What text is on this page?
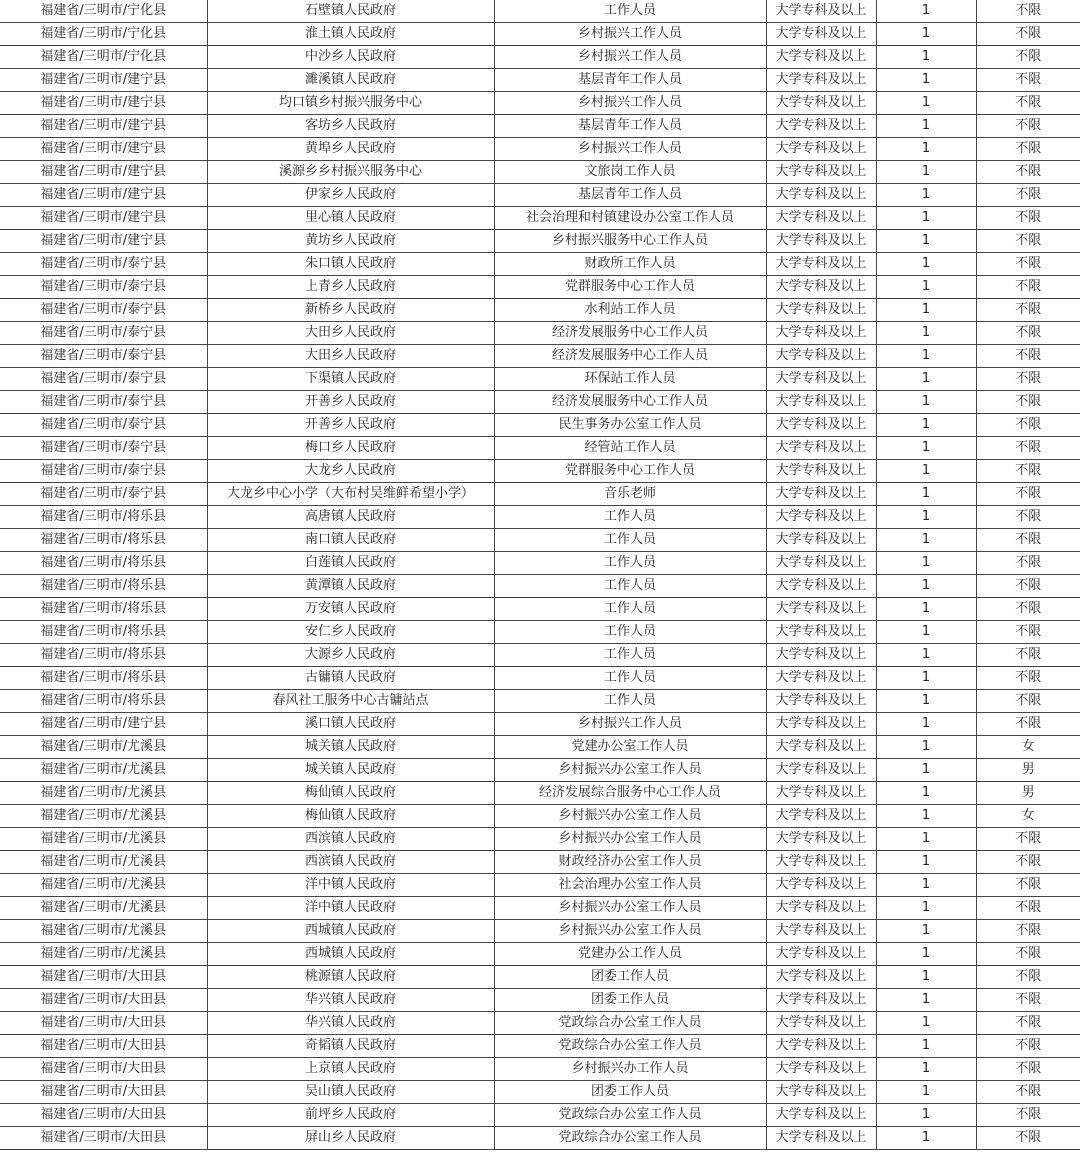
福建省/三明市/宁化县	石壁镇人民政府	工作人员	大学专科及以上	1	不限
福建省/三明市/宁化县	淮土镇人民政府	乡村振兴工作人员	大学专科及以上	1	不限
福建省/三明市/宁化县	中沙乡人民政府	乡村振兴工作人员	大学专科及以上	1	不限
福建省/三明市/建宁县	濉溪镇人民政府	基层青年工作人员	大学专科及以上	1	不限
福建省/三明市/建宁县	均口镇乡村振兴服务中心	乡村振兴工作人员	大学专科及以上	1	不限
福建省/三明市/建宁县	客坊乡人民政府	基层青年工作人员	大学专科及以上	1	不限
福建省/三明市/建宁县	黄埠乡人民政府	乡村振兴工作人员	大学专科及以上	1	不限
福建省/三明市/建宁县	溪源乡乡村振兴服务中心	文旅岗工作人员	大学专科及以上	1	不限
福建省/三明市/建宁县	伊家乡人民政府	基层青年工作人员	大学专科及以上	1	不限
福建省/三明市/建宁县	里心镇人民政府	社会治理和村镇建设办公室工作人员	大学专科及以上	1	不限
福建省/三明市/建宁县	黄坊乡人民政府	乡村振兴服务中心工作人员	大学专科及以上	1	不限
福建省/三明市/泰宁县	朱口镇人民政府	财政所工作人员	大学专科及以上	1	不限
福建省/三明市/泰宁县	上青乡人民政府	党群服务中心工作人员	大学专科及以上	1	不限
福建省/三明市/泰宁县	新桥乡人民政府	水利站工作人员	大学专科及以上	1	不限
福建省/三明市/泰宁县	大田乡人民政府	经济发展服务中心工作人员	大学专科及以上	1	不限
福建省/三明市/泰宁县	大田乡人民政府	经济发展服务中心工作人员	大学专科及以上	1	不限
福建省/三明市/泰宁县	下渠镇人民政府	环保站工作人员	大学专科及以上	1	不限
福建省/三明市/泰宁县	开善乡人民政府	经济发展服务中心工作人员	大学专科及以上	1	不限
福建省/三明市/泰宁县	开善乡人民政府	民生事务办公室工作人员	大学专科及以上	1	不限
福建省/三明市/泰宁县	梅口乡人民政府	经管站工作人员	大学专科及以上	1	不限
福建省/三明市/泰宁县	大龙乡人民政府	党群服务中心工作人员	大学专科及以上	1	不限
福建省/三明市/泰宁县	大龙乡中心小学（大布村吴维鲜希望小学）	音乐老师	大学专科及以上	1	不限
福建省/三明市/将乐县	高唐镇人民政府	工作人员	大学专科及以上	1	不限
福建省/三明市/将乐县	南口镇人民政府	工作人员	大学专科及以上	1	不限
福建省/三明市/将乐县	白莲镇人民政府	工作人员	大学专科及以上	1	不限
福建省/三明市/将乐县	黄潭镇人民政府	工作人员	大学专科及以上	1	不限
福建省/三明市/将乐县	万安镇人民政府	工作人员	大学专科及以上	1	不限
福建省/三明市/将乐县	安仁乡人民政府	工作人员	大学专科及以上	1	不限
福建省/三明市/将乐县	大源乡人民政府	工作人员	大学专科及以上	1	不限
福建省/三明市/将乐县	古镛镇人民政府	工作人员	大学专科及以上	1	不限
福建省/三明市/将乐县	春风社工服务中心古镛站点	工作人员	大学专科及以上	1	不限
福建省/三明市/建宁县	溪口镇人民政府	乡村振兴工作人员	大学专科及以上	1	不限
福建省/三明市/尤溪县	城关镇人民政府	党建办公室工作人员	大学专科及以上	1	女
福建省/三明市/尤溪县	城关镇人民政府	乡村振兴办公室工作人员	大学专科及以上	1	男
福建省/三明市/尤溪县	梅仙镇人民政府	经济发展综合服务中心工作人员	大学专科及以上	1	男
福建省/三明市/尤溪县	梅仙镇人民政府	乡村振兴办公室工作人员	大学专科及以上	1	女
福建省/三明市/尤溪县	西滨镇人民政府	乡村振兴办公室工作人员	大学专科及以上	1	不限
福建省/三明市/尤溪县	西滨镇人民政府	财政经济办公室工作人员	大学专科及以上	1	不限
福建省/三明市/尤溪县	洋中镇人民政府	社会治理办公室工作人员	大学专科及以上	1	不限
福建省/三明市/尤溪县	洋中镇人民政府	乡村振兴办公室工作人员	大学专科及以上	1	不限
福建省/三明市/尤溪县	西城镇人民政府	乡村振兴办公室工作人员	大学专科及以上	1	不限
福建省/三明市/尤溪县	西城镇人民政府	党建办公工作人员	大学专科及以上	1	不限
福建省/三明市/大田县	桃源镇人民政府	团委工作人员	大学专科及以上	1	不限
福建省/三明市/大田县	华兴镇人民政府	团委工作人员	大学专科及以上	1	不限
福建省/三明市/大田县	华兴镇人民政府	党政综合办公室工作人员	大学专科及以上	1	不限
福建省/三明市/大田县	奇韬镇人民政府	党政综合办公室工作人员	大学专科及以上	1	不限
福建省/三明市/大田县	上京镇人民政府	乡村振兴办工作人员	大学专科及以上	1	不限
福建省/三明市/大田县	吴山镇人民政府	团委工作人员	大学专科及以上	1	不限
福建省/三明市/大田县	前坪乡人民政府	党政综合办公室工作人员	大学专科及以上	1	不限
福建省/三明市/大田县	屏山乡人民政府	党政综合办公室工作人员	大学专科及以上	1	不限
